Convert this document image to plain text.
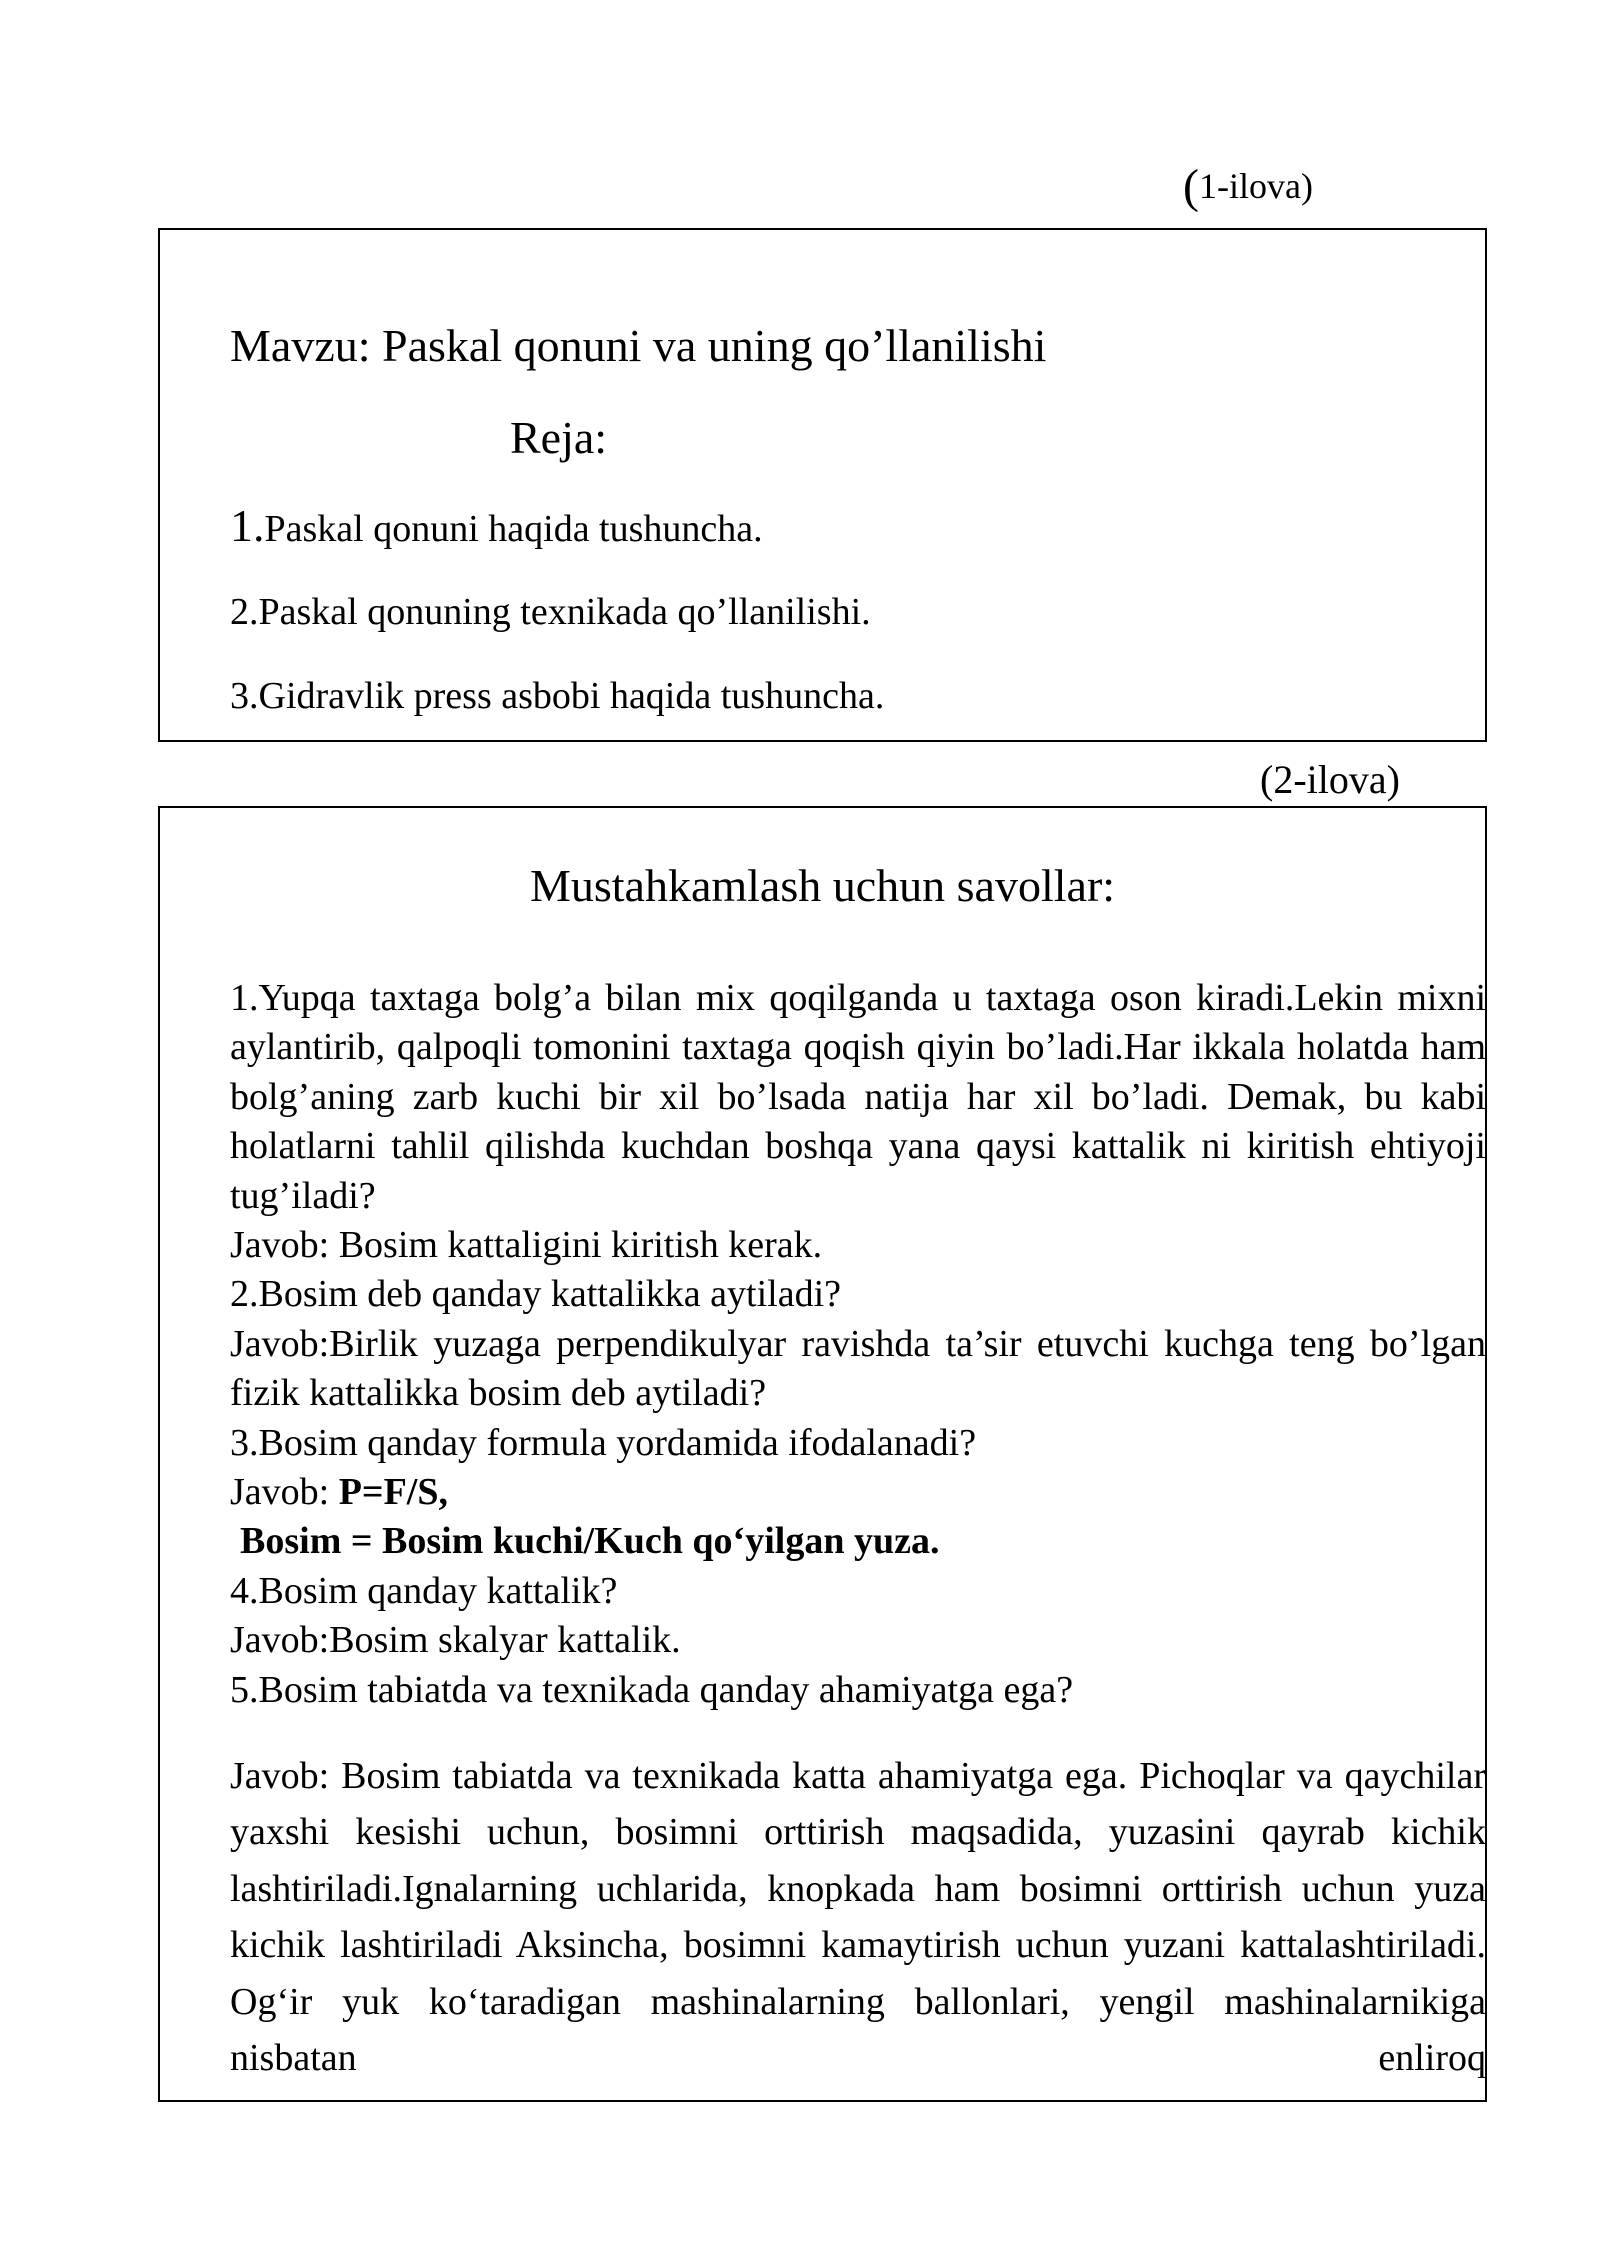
(1-ilova)
Mavzu: Paskal qonuni va uning qo’llanilishi
Reja:
1.Paskal qonuni haqida tushuncha.
2.Paskal qonuning texnikada qo’llanilishi.
3.Gidravlik press asbobi haqida tushuncha.
(2-ilova)
Mustahkamlash uchun savollar:

1.Yupqa taxtaga bolg’a bilan mix qoqilganda u taxtaga oson kiradi.Lekin mixni aylantirib, qalpoqli tomonini taxtaga qoqish qiyin bo’ladi.Har ikkala holatda ham bolg’aning zarb kuchi bir xil bo’lsada natija har xil bo’ladi. Demak, bu kabi holatlarni tahlil qilishda kuchdan boshqa yana qaysi kattalik ni kiritish ehtiyoji tug’iladi?

Javob: Bosim kattaligini kiritish kerak.

2.Bosim deb qanday kattalikka aytiladi?

Javob:Birlik yuzaga perpendikulyar ravishda ta’sir etuvchi kuchga teng bo’lgan fizik kattalikka bosim deb aytiladi?

3.Bosim qanday formula yordamida ifodalanadi?

Javob: P=F/S,

Bosim = Bosim kuchi/Kuch qo‘yilgan yuza.

4.Bosim qanday kattalik?

Javob:Bosim skalyar kattalik.

5.Bosim tabiatda va texnikada qanday ahamiyatga ega?

Javob: Bosim tabiatda va texnikada katta ahamiyatga ega. Pichoqlar va qaychilar yaxshi kesishi uchun, bosimni orttirish maqsadida, yuzasini qayrab kichik lashtiriladi.Ignalarning uchlarida, knopkada ham bosimni orttirish uchun yuza kichik lashtiriladi Aksincha, bosimni kamaytirish uchun yuzani kattalashtiriladi. Og‘ir yuk ko‘taradigan mashinalarning ballonlari, yengil mashinalarnikiga nisbatan enliroq
